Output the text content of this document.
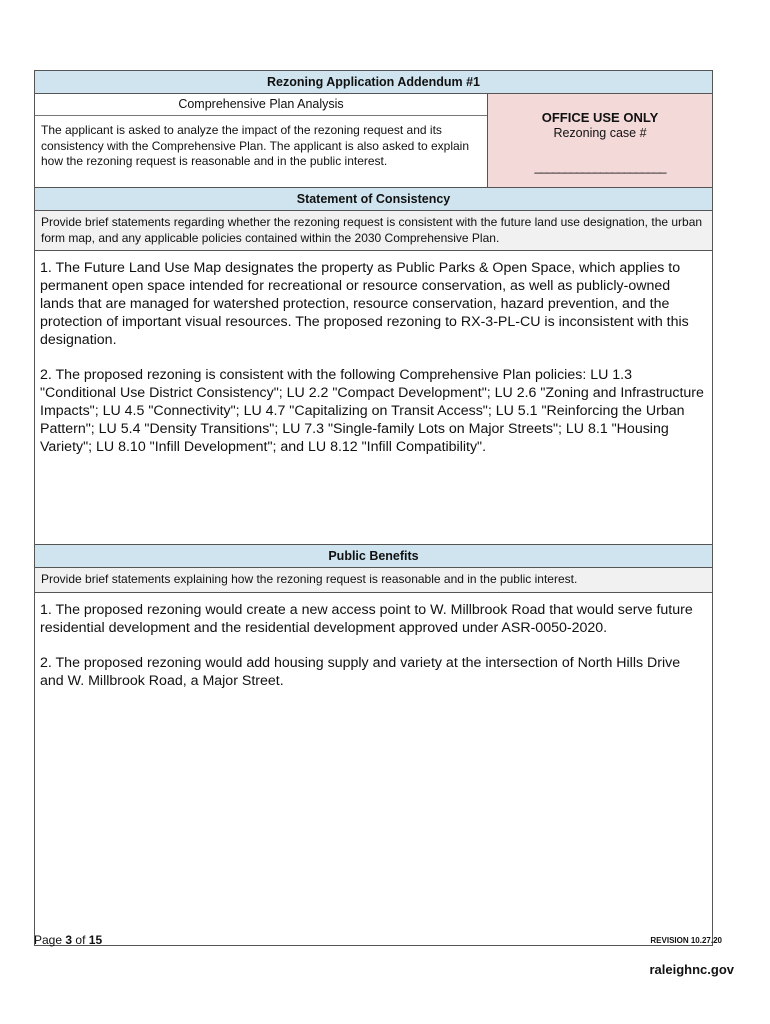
Rezoning Application Addendum #1
Comprehensive Plan Analysis
The applicant is asked to analyze the impact of the rezoning request and its consistency with the Comprehensive Plan. The applicant is also asked to explain how the rezoning request is reasonable and in the public interest.
OFFICE USE ONLY
Rezoning case #
______________________
Statement of Consistency
Provide brief statements regarding whether the rezoning request is consistent with the future land use designation, the urban form map, and any applicable policies contained within the 2030 Comprehensive Plan.

1. The Future Land Use Map designates the property as Public Parks & Open Space, which applies to permanent open space intended for recreational or resource conservation, as well as publicly-owned lands that are managed for watershed protection, resource conservation, hazard prevention, and the protection of important visual resources. The proposed rezoning to RX-3-PL-CU is inconsistent with this designation.

2. The proposed rezoning is consistent with the following Comprehensive Plan policies: LU 1.3 "Conditional Use District Consistency"; LU 2.2 "Compact Development"; LU 2.6 "Zoning and Infrastructure Impacts"; LU 4.5 "Connectivity"; LU 4.7 "Capitalizing on Transit Access"; LU 5.1 "Reinforcing the Urban Pattern"; LU 5.4 "Density Transitions"; LU 7.3 "Single-family Lots on Major Streets"; LU 8.1 "Housing Variety"; LU 8.10 "Infill Development"; and LU 8.12 "Infill Compatibility".

Public Benefits
Provide brief statements explaining how the rezoning request is reasonable and in the public interest.

1. The proposed rezoning would create a new access point to W. Millbrook Road that would serve future residential development and the residential development approved under ASR-0050-2020.

2. The proposed rezoning would add housing supply and variety at the intersection of North Hills Drive and W. Millbrook Road, a Major Street.

Page 3 of 15	REVISION 10.27.20
raleighnc.gov
